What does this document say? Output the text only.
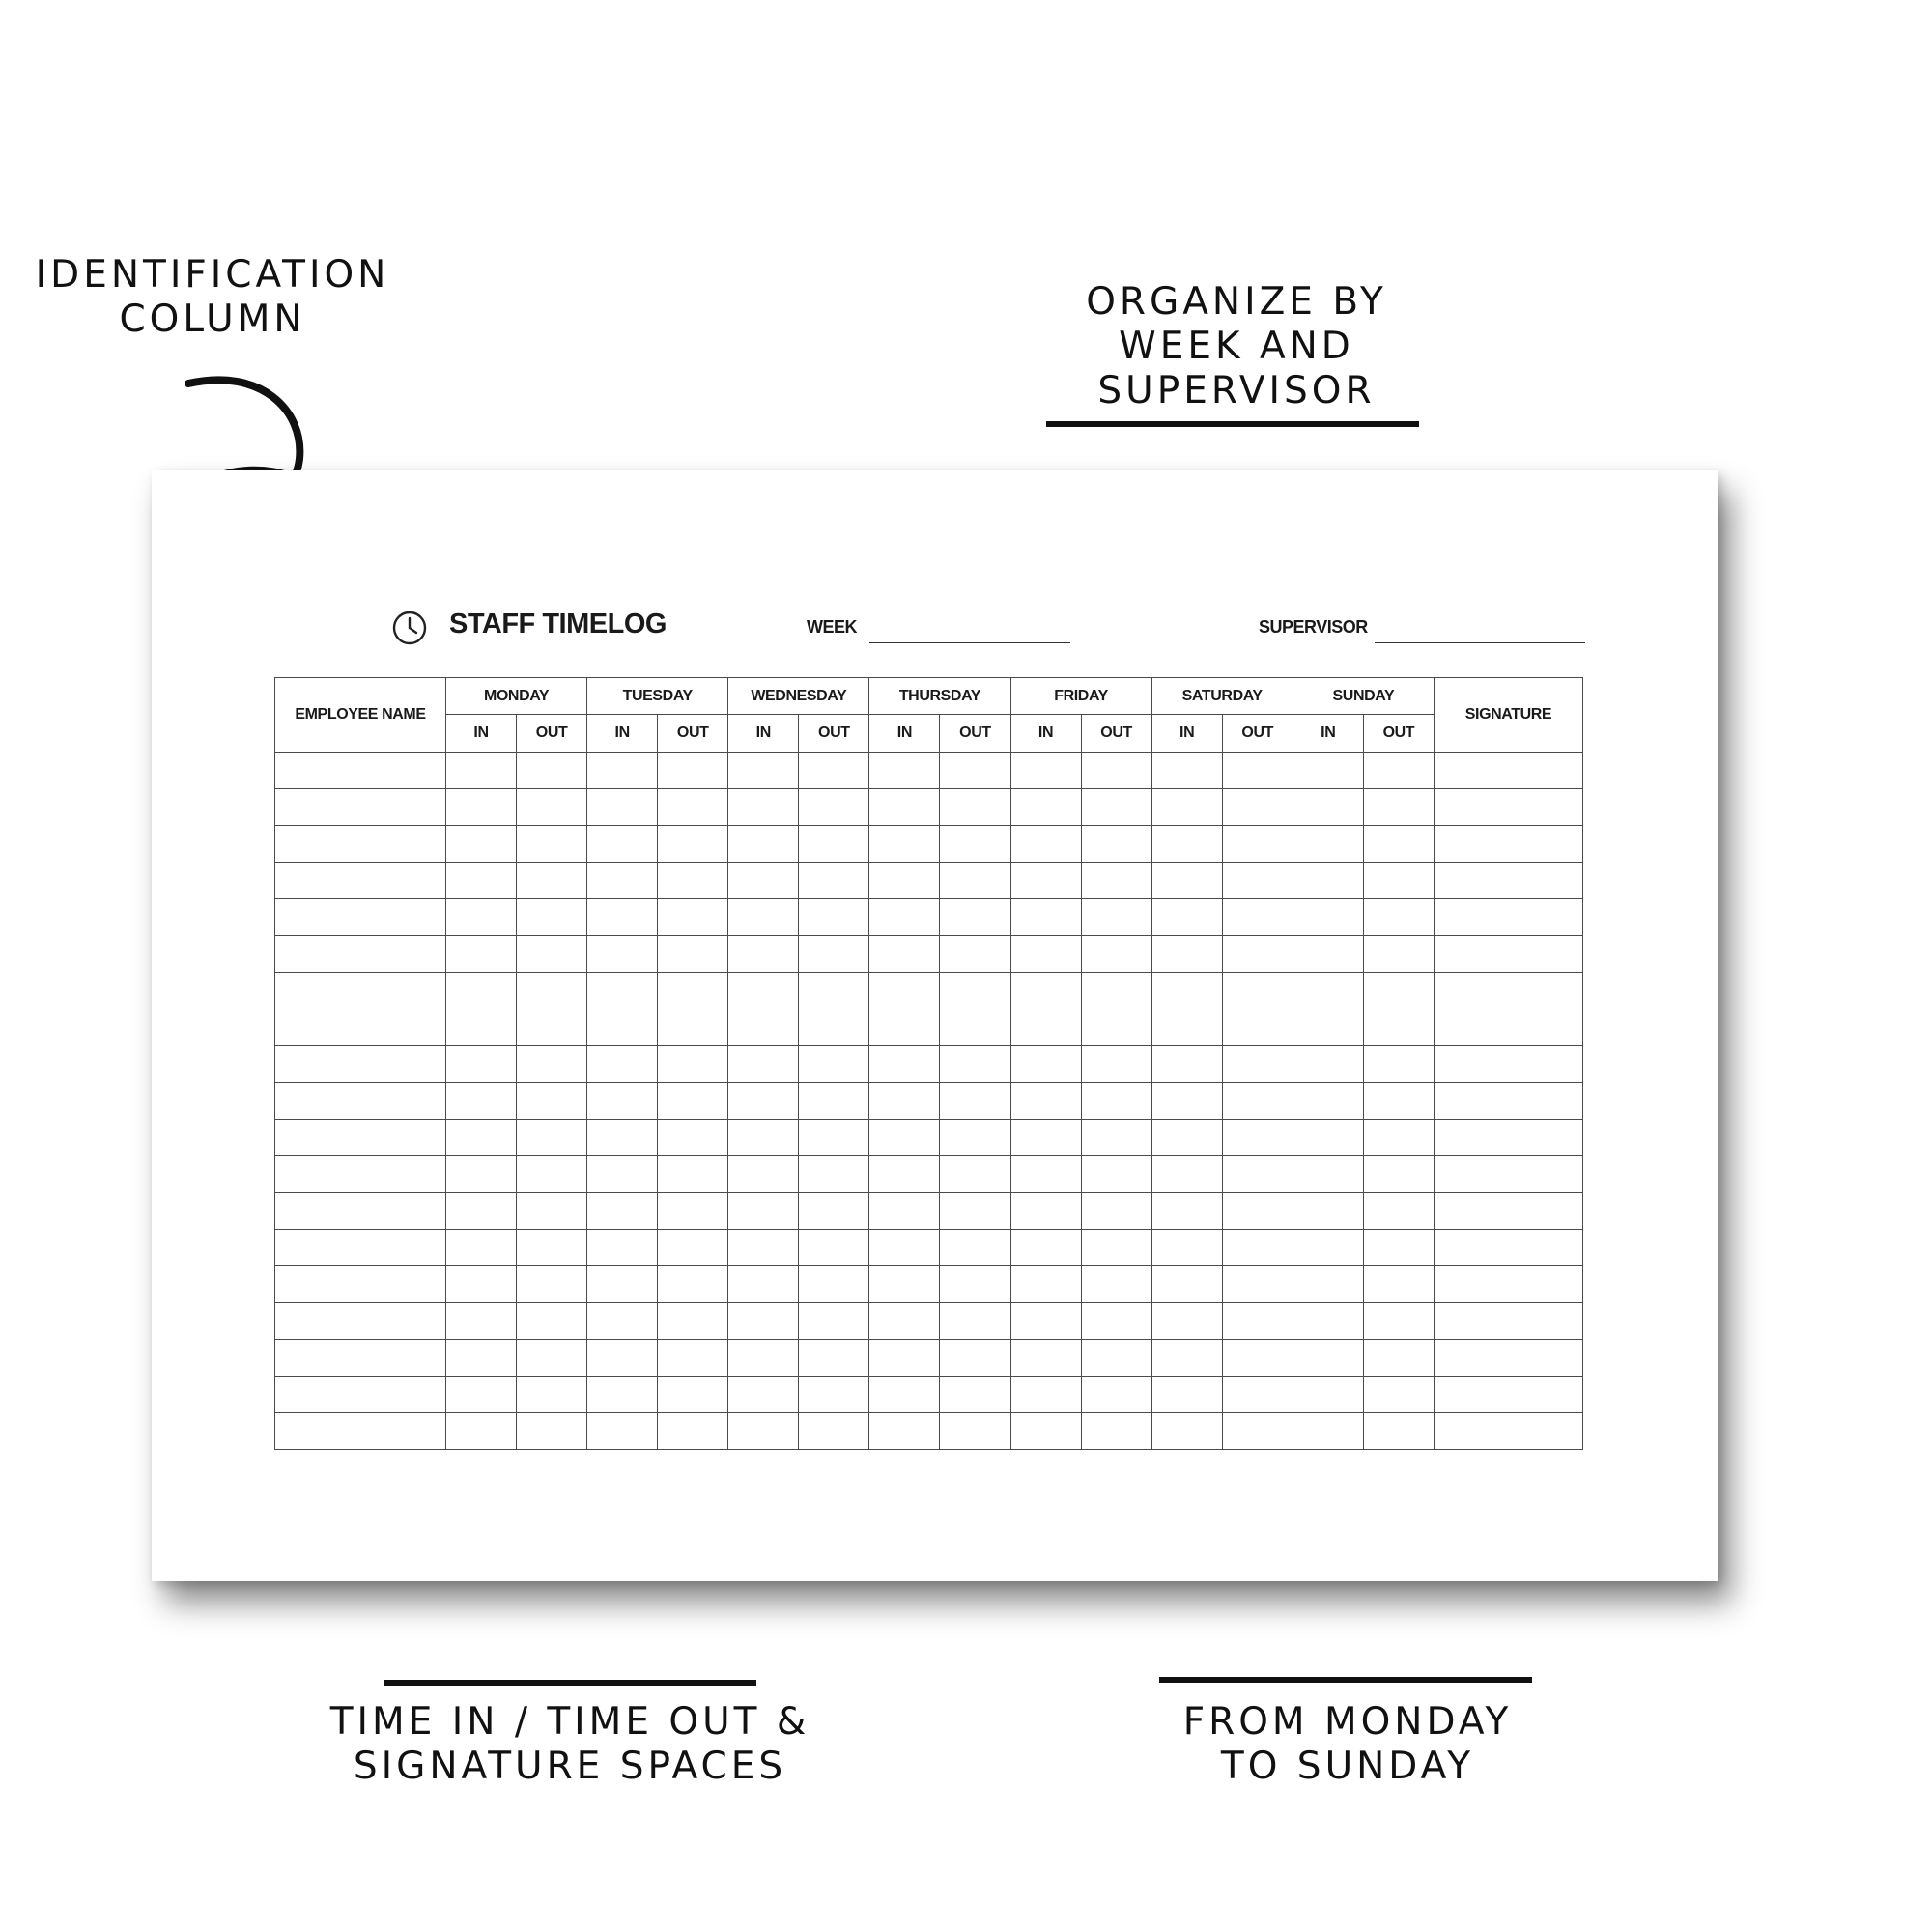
IDENTIFICATION
COLUMN	ORGANIZE BY
WEEK AND
SUPERVISOR
STAFF TIMELOG	WEEK	SUPERVISOR
EMPLOYEE NAME	MONDAY		TUESDAY		WEDNESDAY		THURSDAY		FRIDAY		SATURDAY		SUNDAY		SIGNATURE
	IN	OUT	IN	OUT	IN	OUT	IN	OUT	IN	OUT	IN	OUT	IN	OUT	

TIME IN / TIME OUT &
SIGNATURE SPACES
FROM MONDAY
TO SUNDAY
